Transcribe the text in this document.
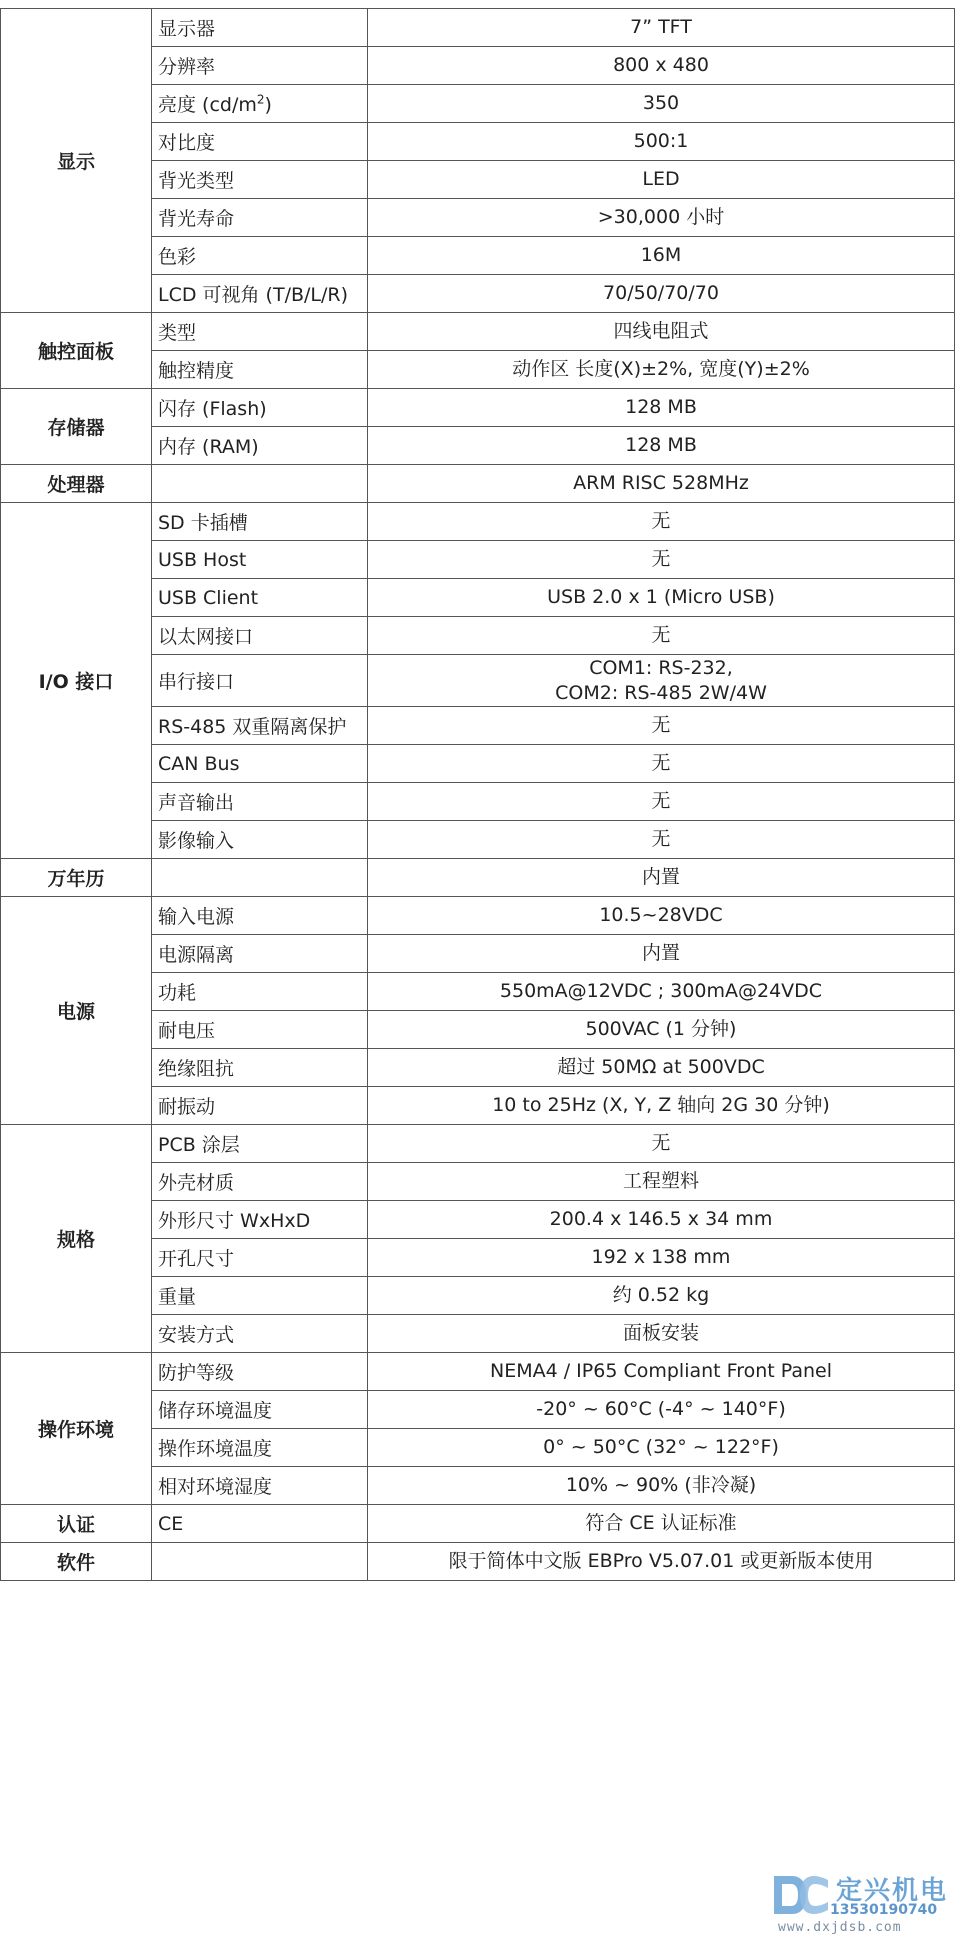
显示	显示器	7” TFT
	分辨率	800 x 480
	亮度 $(cd/m^2)$	350
	对比度	500:1
	背光类型	LED
	背光寿命	>30,000 小时
	色彩	16M
	LCD 可视角 (T/B/L/R)	70/50/70/70
触控面板	类型	四线电阻式
	触控精度	动作区 长度(X)±2%, 宽度(Y)±2%
存储器	闪存 (Flash)	128 MB
	内存 (RAM)	128 MB
处理器		ARM RISC 528MHz
I/O 接口	SD 卡插槽	无
	USB Host	无
	USB Client	USB 2.0 x 1 (Micro USB)
	以太网接口	无
	串行接口	COM1: RS-232,
COM2: RS-485 2W/4W

	RS-485 双重隔离保护	无
	CAN Bus	无
	声音输出	无
	影像输入	无
万年历		内置
电源	输入电源	10.5~28VDC
	电源隔离	内置
	功耗	550mA@12VDC ; 300mA@24VDC
	耐电压	500VAC (1 分钟)
	绝缘阻抗	超过 50MΩ at 500VDC
	耐振动	10 to 25Hz (X, Y, Z 轴向 2G 30 分钟)
规格	PCB 涂层	无
	外壳材质	工程塑料
	外形尺寸 WxHxD	200.4 x 146.5 x 34 mm
	开孔尺寸	192 x 138 mm
	重量	约 0.52 kg
	安装方式	面板安装
操作环境	防护等级	NEMA4 / IP65 Compliant Front Panel
	储存环境温度	-20° ~ 60°C (-4° ~ 140°F)
	操作环境温度	0° ~ 50°C (32° ~ 122°F)
	相对环境湿度	10% ~ 90% (非冷凝)
认证	CE	符合 CE 认证标准
软件		限于简体中文版 EBPro V5.07.01 或更新版本使用
定兴机电
13530190740
www.dxjdsb.com
